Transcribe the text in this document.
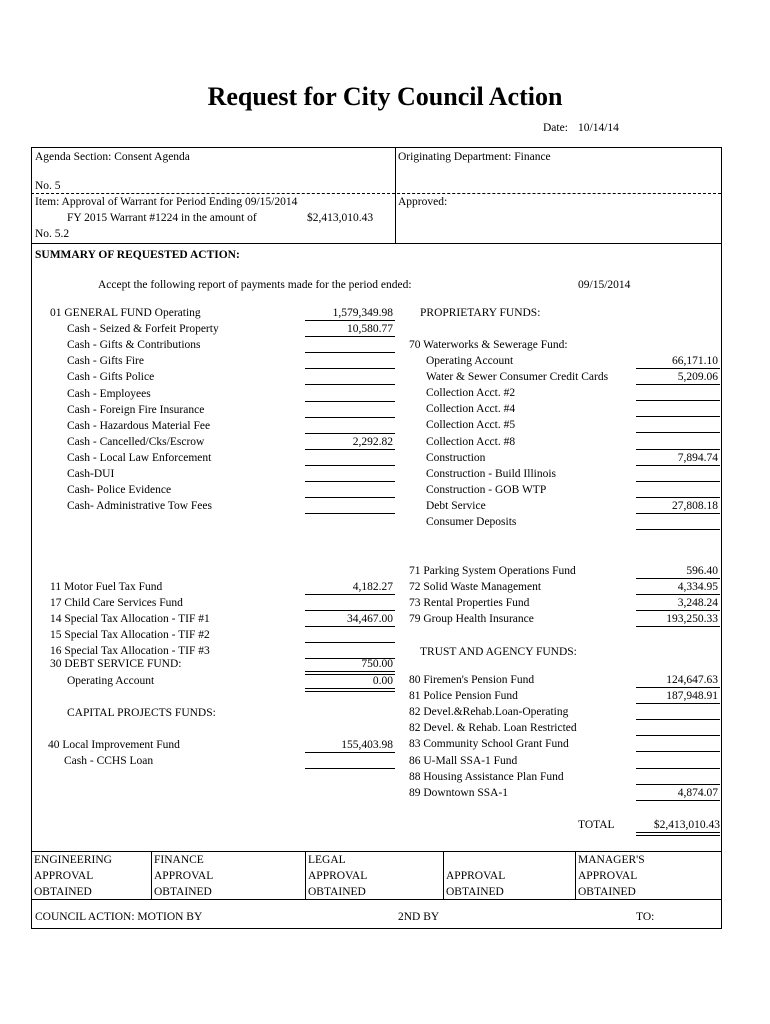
Request for City Council Action
Date: 10/14/14
Agenda Section: Consent Agenda	Originating Department: Finance
No. 5
Item: Approval of Warrant for Period Ending 09/15/2014	Approved:
FY 2015 Warrant #1224 in the amount of	$2,413,010.43
No. 5.2
SUMMARY OF REQUESTED ACTION:
Accept the following report of payments made for the period ended:	09/15/2014
01 GENERAL FUND Operating	1,579,349.98
Cash - Seized & Forfeit Property	10,580.77
Cash - Gifts & Contributions
Cash - Gifts Fire
Cash - Gifts Police
Cash - Employees
Cash - Foreign Fire Insurance
Cash - Hazardous Material Fee
Cash - Cancelled/Cks/Escrow	2,292.82
Cash - Local Law Enforcement
Cash-DUI
Cash- Police Evidence
Cash- Administrative Tow Fees
11 Motor Fuel Tax Fund	4,182.27
17 Child Care Services Fund
14 Special Tax Allocation - TIF #1	34,467.00
15 Special Tax Allocation - TIF #2
16 Special Tax Allocation - TIF #3
30 DEBT SERVICE FUND:	750.00
Operating Account	0.00
CAPITAL PROJECTS FUNDS:
40 Local Improvement Fund	155,403.98
Cash - CCHS Loan
PROPRIETARY FUNDS:
70 Waterworks & Sewerage Fund:
Operating Account	66,171.10
Water & Sewer Consumer Credit Cards	5,209.06
Collection Acct. #2
Collection Acct. #4
Collection Acct. #5
Collection Acct. #8
Construction	7,894.74
Construction - Build Illinois
Construction - GOB WTP
Debt Service	27,808.18
Consumer Deposits
71 Parking System Operations Fund	596.40
72 Solid Waste Management	4,334.95
73 Rental Properties Fund	3,248.24
79 Group Health Insurance	193,250.33
TRUST AND AGENCY FUNDS:
80 Firemen's Pension Fund	124,647.63
81 Police Pension Fund	187,948.91
82 Devel.&Rehab.Loan-Operating
82 Devel. & Rehab. Loan Restricted
83 Community School Grant Fund
86 U-Mall SSA-1 Fund
88 Housing Assistance Plan Fund
89 Downtown SSA-1	4,874.07
TOTAL	$2,413,010.43
ENGINEERING
APPROVAL
OBTAINED
FINANCE
APPROVAL
OBTAINED
LEGAL
APPROVAL
OBTAINED
APPROVAL
OBTAINED
MANAGER'S
APPROVAL
OBTAINED
COUNCIL ACTION: MOTION BY	2ND BY	TO:
